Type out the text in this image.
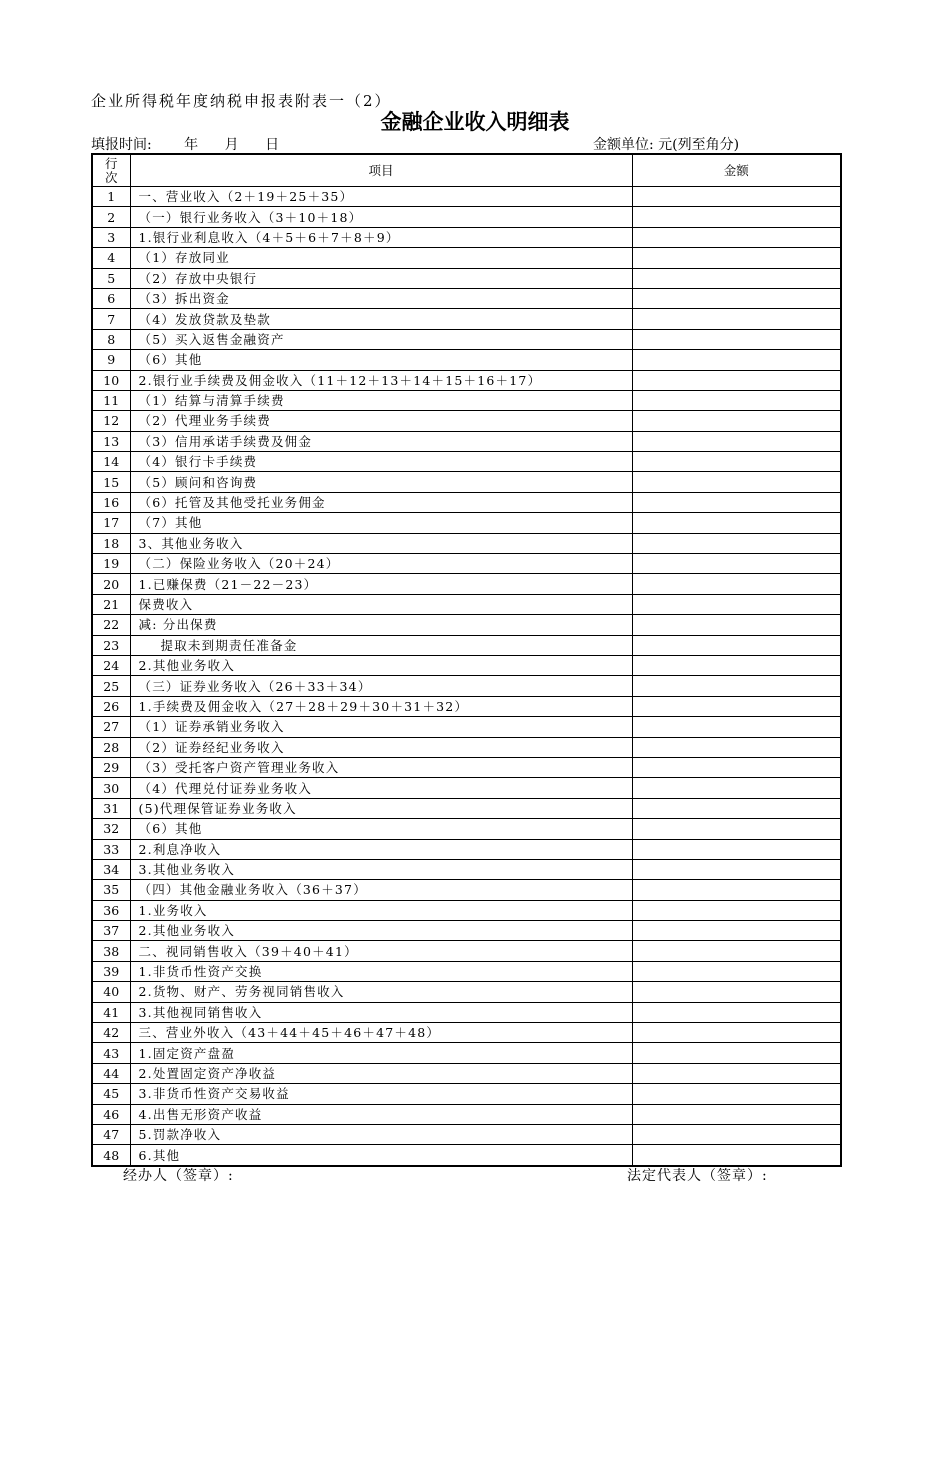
企业所得税年度纳税申报表附表一（2）
金融企业收入明细表
填报时间: 年 月 日	金额单位: 元(列至角分)
行次	项目	金额
1	一、营业收入（2＋19＋25＋35）	
2	（一）银行业务收入（3＋10＋18）	
3	1.银行业利息收入（4＋5＋6＋7＋8＋9）	
4	（1）存放同业	
5	（2）存放中央银行	
6	（3）拆出资金	
7	（4）发放贷款及垫款	
8	（5）买入返售金融资产	
9	（6）其他	
10	2.银行业手续费及佣金收入（11＋12＋13＋14＋15＋16＋17）	
11	（1）结算与清算手续费	
12	（2）代理业务手续费	
13	（3）信用承诺手续费及佣金	
14	（4）银行卡手续费	
15	（5）顾问和咨询费	
16	（6）托管及其他受托业务佣金	
17	（7）其他	
18	3、其他业务收入	
19	（二）保险业务收入（20＋24）	
20	1.已赚保费（21－22－23）	
21	保费收入	
22	减: 分出保费	
23	提取未到期责任准备金	
24	2.其他业务收入	
25	（三）证券业务收入（26＋33＋34）	
26	1.手续费及佣金收入（27＋28＋29＋30＋31＋32）	
27	（1）证券承销业务收入	
28	（2）证券经纪业务收入	
29	（3）受托客户资产管理业务收入	
30	（4）代理兑付证券业务收入	
31	(5)代理保管证券业务收入	
32	（6）其他	
33	2.利息净收入	
34	3.其他业务收入	
35	（四）其他金融业务收入（36＋37）	
36	1.业务收入	
37	2.其他业务收入	
38	二、视同销售收入（39＋40＋41）	
39	1.非货币性资产交换	
40	2.货物、财产、劳务视同销售收入	
41	3.其他视同销售收入	
42	三、营业外收入（43＋44＋45＋46＋47＋48）	
43	1.固定资产盘盈	
44	2.处置固定资产净收益	
45	3.非货币性资产交易收益	
46	4.出售无形资产收益	
47	5.罚款净收入	
48	6.其他	
经办人（签章）:	法定代表人（签章）:
